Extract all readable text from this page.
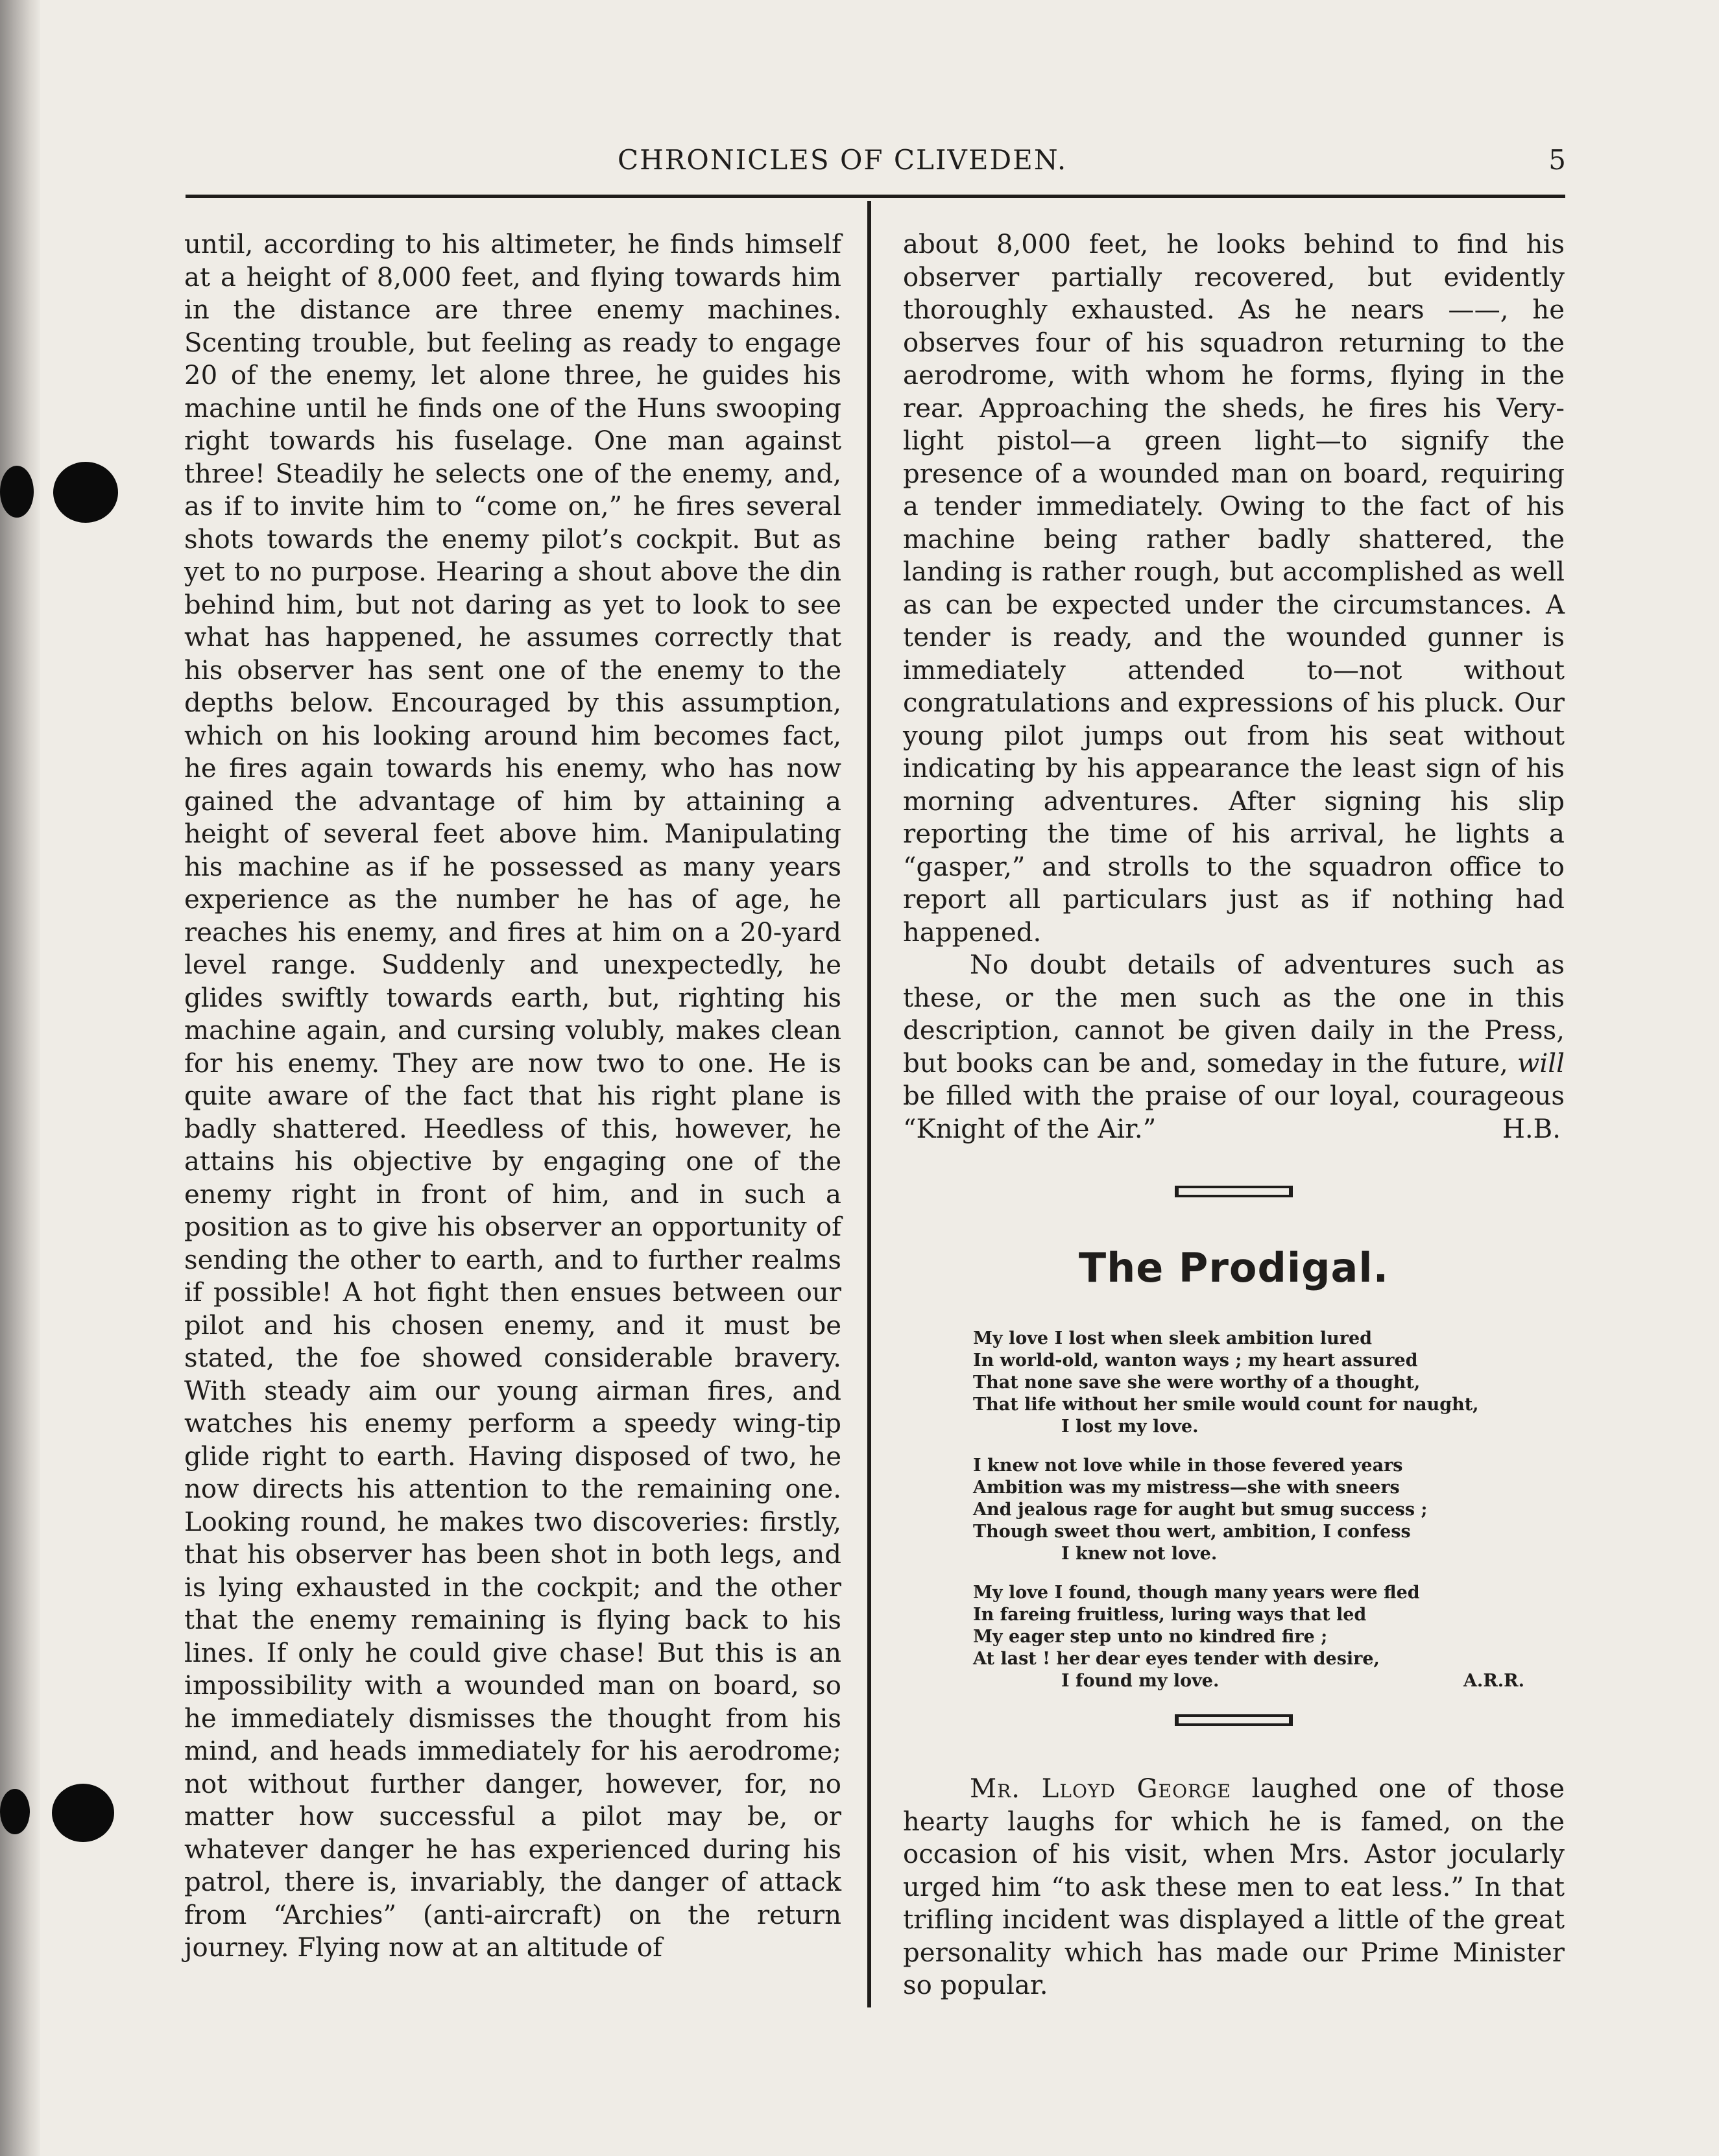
CHRONICLES OF CLIVEDEN.	5

until, according to his altimeter, he finds himself at a height of 8,000 feet, and flying towards him in the distance are three enemy machines. Scenting trouble, but feeling as ready to engage 20 of the enemy, let alone three, he guides his machine until he finds one of the Huns swooping right towards his fuselage. One man against three! Steadily he selects one of the enemy, and, as if to invite him to “come on,” he fires several shots towards the enemy pilot’s cockpit. But as yet to no purpose. Hearing a shout above the din behind him, but not daring as yet to look to see what has happened, he assumes correctly that his observer has sent one of the enemy to the depths below. Encouraged by this assumption, which on his looking around him becomes fact, he fires again towards his enemy, who has now gained the advantage of him by attaining a height of several feet above him. Manipulating his machine as if he possessed as many years experience as the number he has of age, he reaches his enemy, and fires at him on a 20-yard level range. Suddenly and unexpectedly, he glides swiftly towards earth, but, righting his machine again, and cursing volubly, makes clean for his enemy. They are now two to one. He is quite aware of the fact that his right plane is badly shattered. Heedless of this, however, he attains his objective by engaging one of the enemy right in front of him, and in such a position as to give his observer an opportunity of sending the other to earth, and to further realms if possible! A hot fight then ensues between our pilot and his chosen enemy, and it must be stated, the foe showed considerable bravery. With steady aim our young airman fires, and watches his enemy perform a speedy wing-tip glide right to earth. Having disposed of two, he now directs his attention to the remaining one. Looking round, he makes two discoveries: firstly, that his observer has been shot in both legs, and is lying exhausted in the cockpit; and the other that the enemy remaining is flying back to his lines. If only he could give chase! But this is an impossibility with a wounded man on board, so he immediately dismisses the thought from his mind, and heads immediately for his aerodrome; not without further danger, however, for, no matter how successful a pilot may be, or whatever danger he has experienced during his patrol, there is, invariably, the danger of attack from “Archies” (anti-aircraft) on the return journey. Flying now at an altitude of

about 8,000 feet, he looks behind to find his observer partially recovered, but evidently thoroughly exhausted. As he nears ——, he observes four of his squadron returning to the aerodrome, with whom he forms, flying in the rear. Approaching the sheds, he fires his Very-light pistol—a green light—to signify the presence of a wounded man on board, requiring a tender immediately. Owing to the fact of his machine being rather badly shattered, the landing is rather rough, but accomplished as well as can be expected under the circumstances. A tender is ready, and the wounded gunner is immediately attended to—not without congratulations and expressions of his pluck. Our young pilot jumps out from his seat without indicating by his appearance the least sign of his morning adventures. After signing his slip reporting the time of his arrival, he lights a “gasper,” and strolls to the squadron office to report all particulars just as if nothing had happened.

No doubt details of adventures such as these, or the men such as the one in this description, cannot be given daily in the Press, but books can be and, someday in the future, will be filled with the praise of our loyal, courageous “Knight of the Air.”	H.B.

The Prodigal.
My love I lost when sleek ambition lured
In world-old, wanton ways ; my heart assured
That none save she were worthy of a thought,
That life without her smile would count for naught,
I lost my love.
I knew not love while in those fevered years
Ambition was my mistress—she with sneers
And jealous rage for aught but smug success ;
Though sweet thou wert, ambition, I confess
I knew not love.
My love I found, though many years were fled
In fareing fruitless, luring ways that led
My eager step unto no kindred fire ;
At last ! her dear eyes tender with desire,
I found my love.	A.R.R.

Mr. Lloyd George laughed one of those hearty laughs for which he is famed, on the occasion of his visit, when Mrs. Astor jocularly urged him “to ask these men to eat less.” In that trifling incident was displayed a little of the great personality which has made our Prime Minister so popular.
